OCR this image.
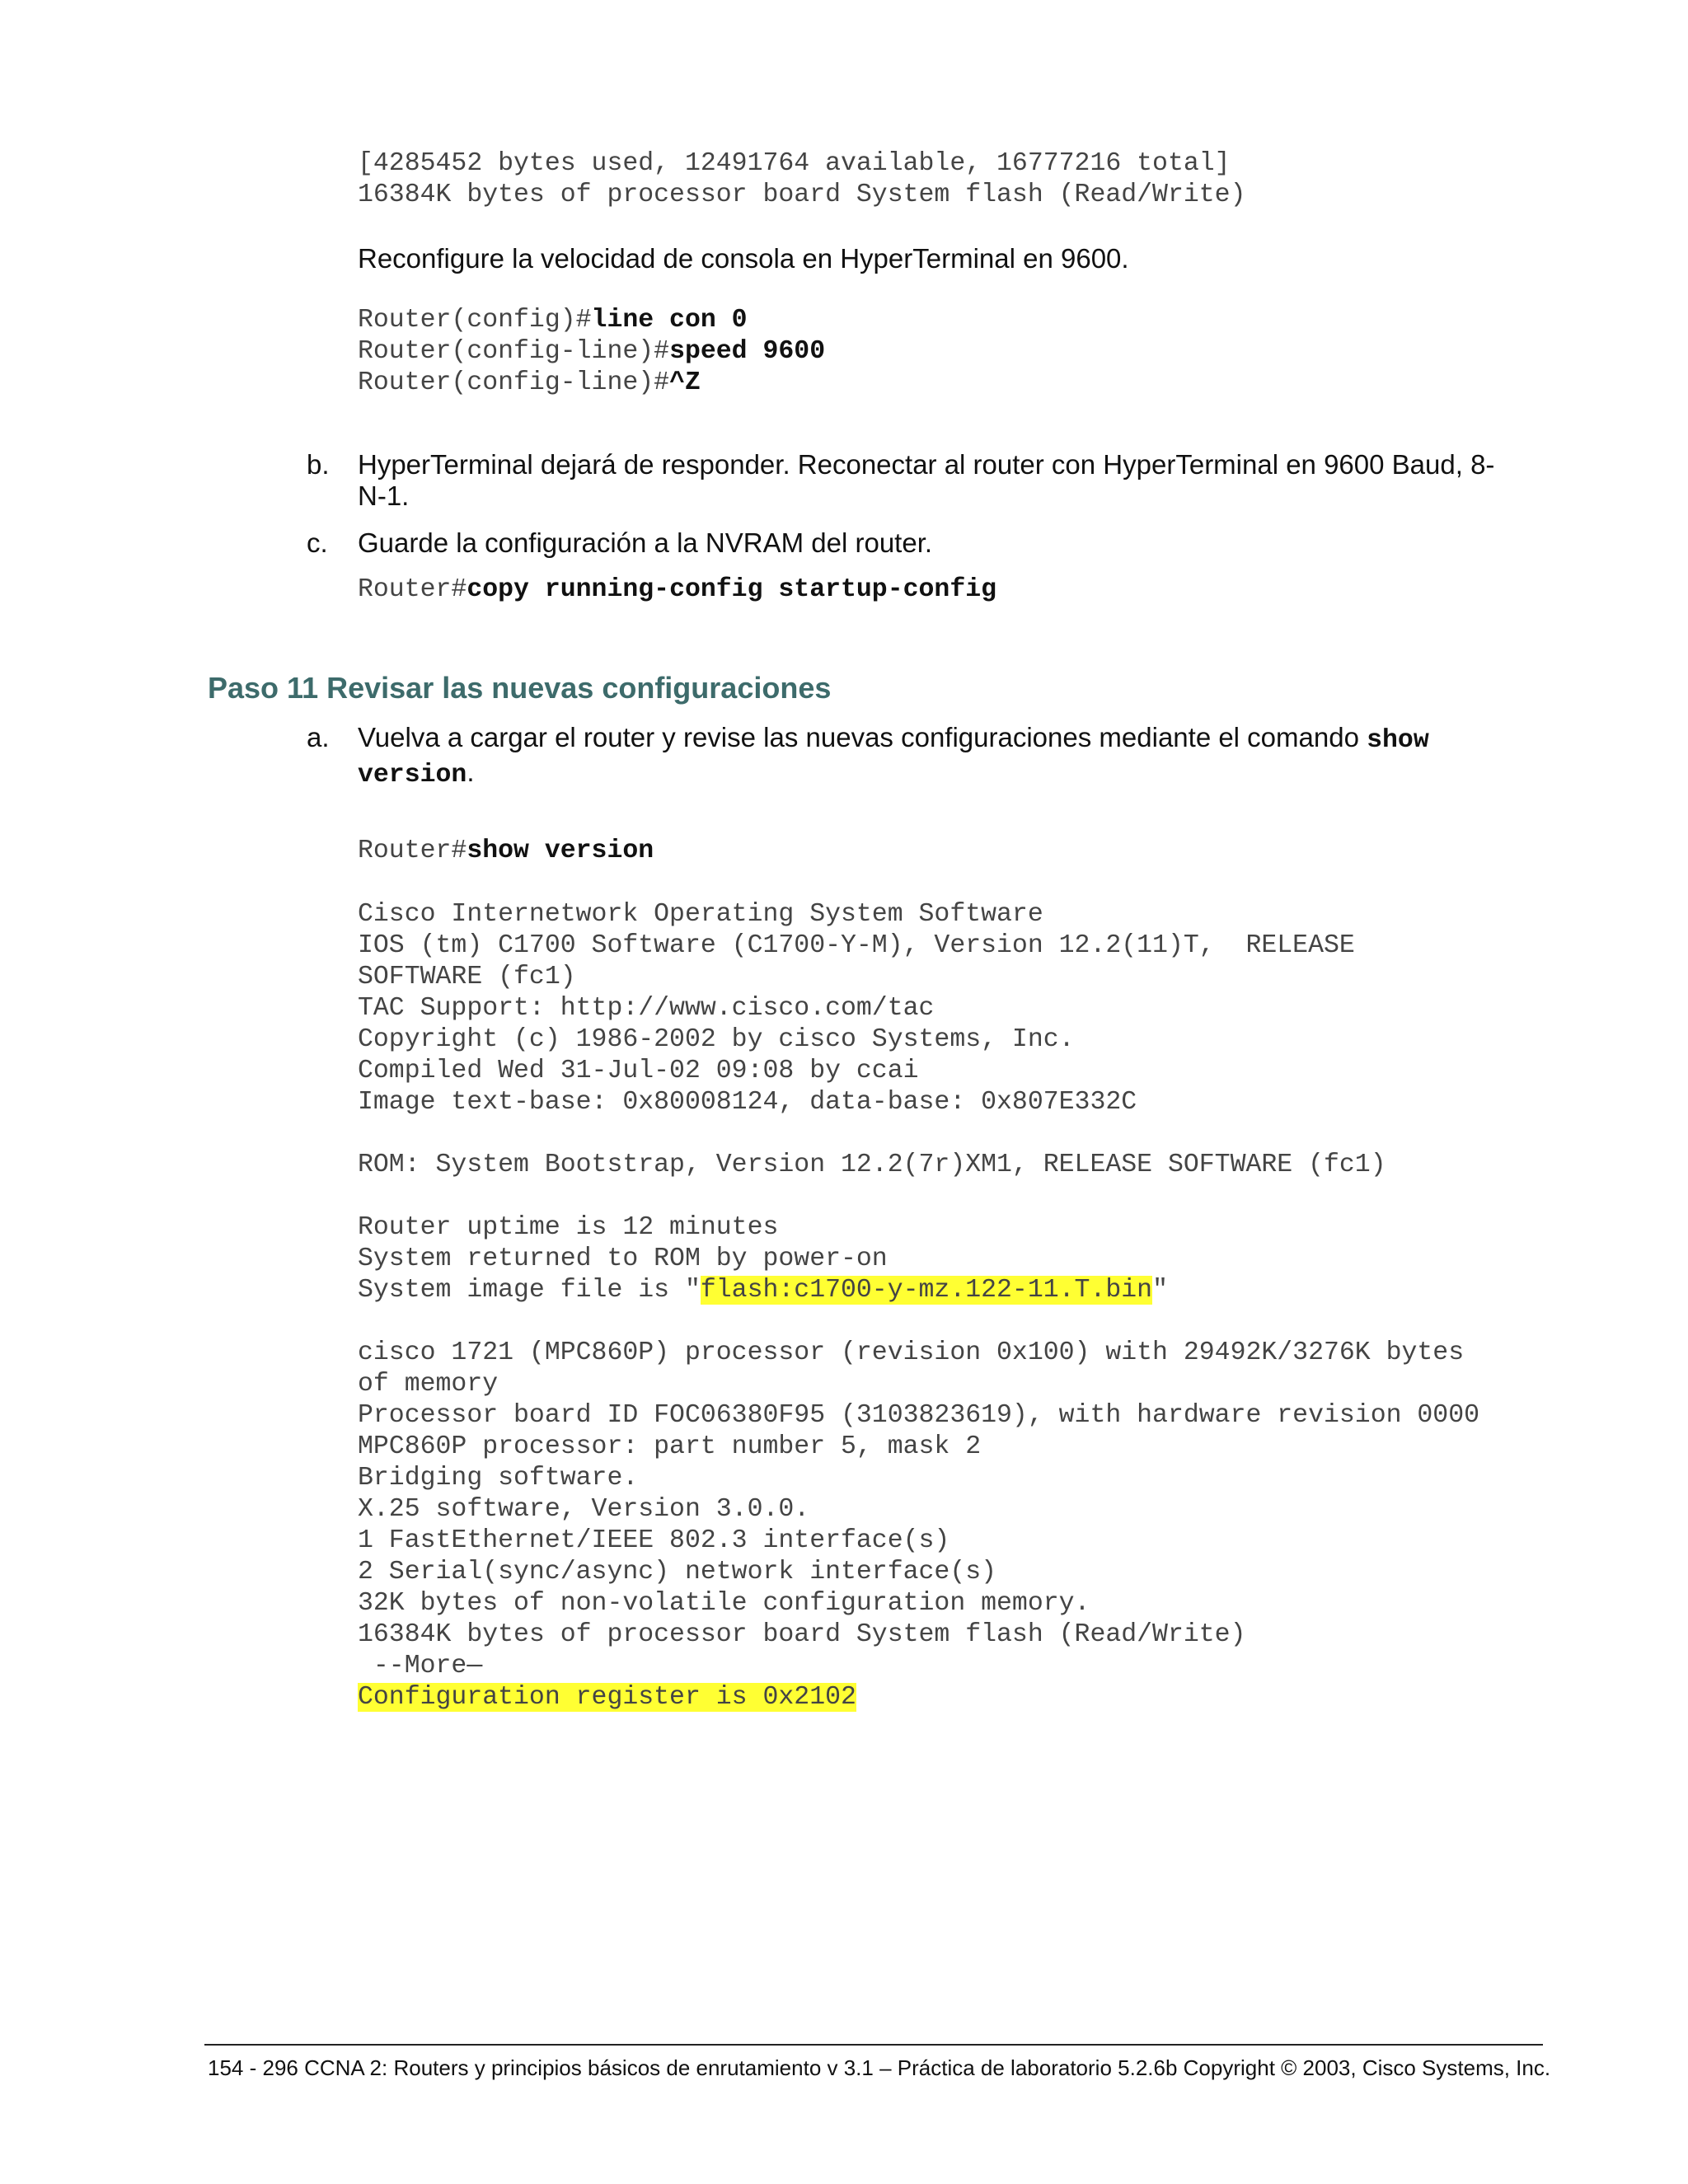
[4285452 bytes used, 12491764 available, 16777216 total]
16384K bytes of processor board System flash (Read/Write)
Reconfigure la velocidad de consola en HyperTerminal en 9600.
Router(config)#line con 0
Router(config-line)#speed 9600
Router(config-line)#^Z
b. HyperTerminal dejará de responder. Reconectar al router con HyperTerminal en 9600 Baud, 8-
N-1.
c. Guarde la configuración a la NVRAM del router.
Router#copy running-config startup-config
Paso 11 Revisar las nuevas configuraciones
a. Vuelva a cargar el router y revise las nuevas configuraciones mediante el comando show
version.
Router#show version
Cisco Internetwork Operating System Software
IOS (tm) C1700 Software (C1700-Y-M), Version 12.2(11)T,  RELEASE
SOFTWARE (fc1)
TAC Support: http://www.cisco.com/tac
Copyright (c) 1986-2002 by cisco Systems, Inc.
Compiled Wed 31-Jul-02 09:08 by ccai
Image text-base: 0x80008124, data-base: 0x807E332C

ROM: System Bootstrap, Version 12.2(7r)XM1, RELEASE SOFTWARE (fc1)

Router uptime is 12 minutes
System returned to ROM by power-on
System image file is "flash:c1700-y-mz.122-11.T.bin"

cisco 1721 (MPC860P) processor (revision 0x100) with 29492K/3276K bytes
of memory
Processor board ID FOC06380F95 (3103823619), with hardware revision 0000
MPC860P processor: part number 5, mask 2
Bridging software.
X.25 software, Version 3.0.0.
1 FastEthernet/IEEE 802.3 interface(s)
2 Serial(sync/async) network interface(s)
32K bytes of non-volatile configuration memory.
16384K bytes of processor board System flash (Read/Write)
--More—
Configuration register is 0x2102
154 - 296 CCNA 2: Routers y principios básicos de enrutamiento v 3.1 – Práctica de laboratorio 5.2.6b Copyright © 2003, Cisco Systems, Inc.
